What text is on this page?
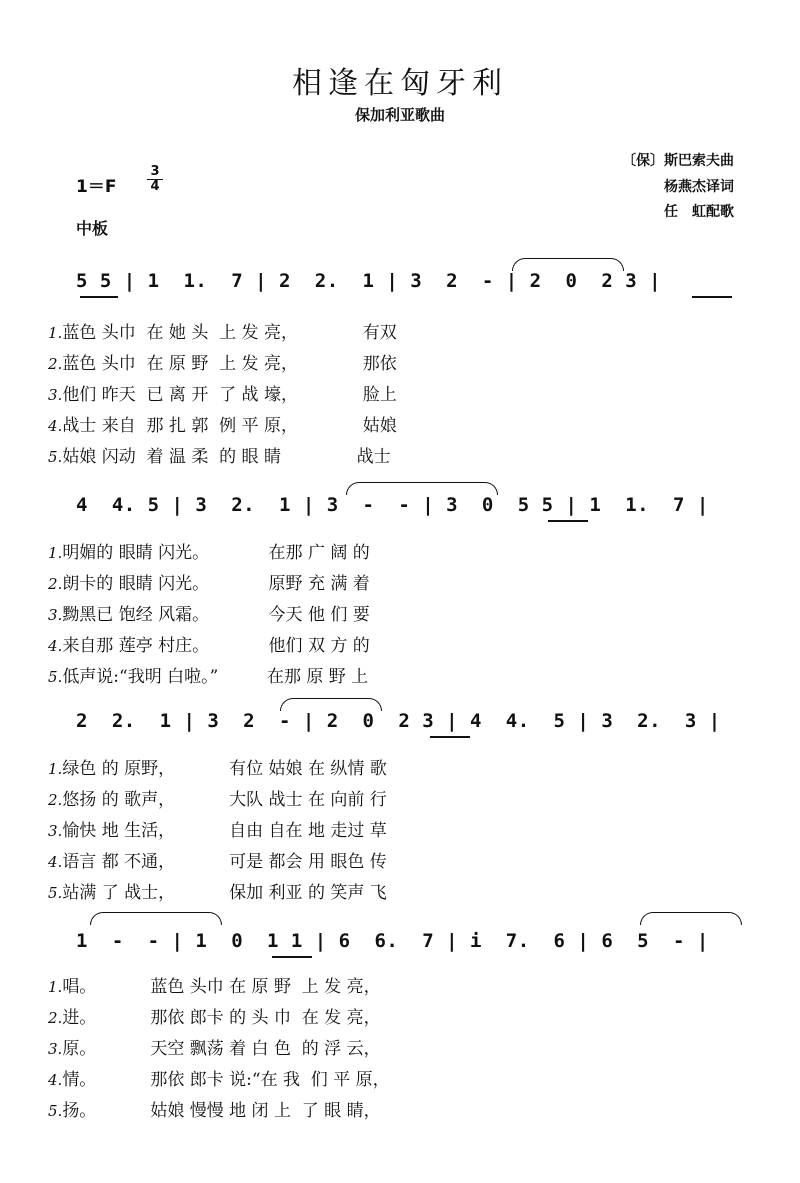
相逢在匈牙利
保加利亚歌曲
1＝F
3
4
中板
〔保〕斯巴索夫曲
杨燕杰译词
任　虹配歌
5 5 | 1  1.  7 | 2  2.  1 | 3  2  - | 2  0  2 3 |
1.蓝色 头巾  在 她 头  上 发 亮，            有双
2.蓝色 头巾  在 原 野  上 发 亮，            那依
3.他们 昨天  已 离 开  了 战 壕，            脸上
4.战士 来自  那 扎 郭  例 平 原，            姑娘
5.姑娘 闪动  着 温 柔  的 眼 睛              战士
4  4. 5 | 3  2.  1 | 3  -  - | 3  0  5 5 | 1  1.  7 |
1.明媚的 眼睛 闪光。           在那 广 阔 的
2.朗卡的 眼睛 闪光。           原野 充 满 着
3.黝黑已 饱经 风霜。           今天 他 们 要
4.来自那 莲亭 村庄。           他们 双 方 的
5.低声说:“我明 白啦。”         在那 原 野 上
2  2.  1 | 3  2  - | 2  0  2 3 | 4  4.  5 | 3  2.  3 |
1.绿色 的 原野，          有位 姑娘 在 纵情 歌
2.悠扬 的 歌声，          大队 战士 在 向前 行
3.愉快 地 生活，          自由 自在 地 走过 草
4.语言 都 不通，          可是 都会 用 眼色 传
5.站满 了 战士，          保加 利亚 的 笑声 飞
1  -  - | 1  0  1 1 | 6  6.  7 | i  7.  6 | 6  5  - |
1.唱。          蓝色 头巾 在 原 野  上 发 亮，
2.进。          那依 郎卡 的 头 巾  在 发 亮，
3.原。          天空 飘荡 着 白 色  的 浮 云，
4.情。          那依 郎卡 说:“在 我  们 平 原，
5.扬。          姑娘 慢慢 地 闭 上  了 眼 睛，
